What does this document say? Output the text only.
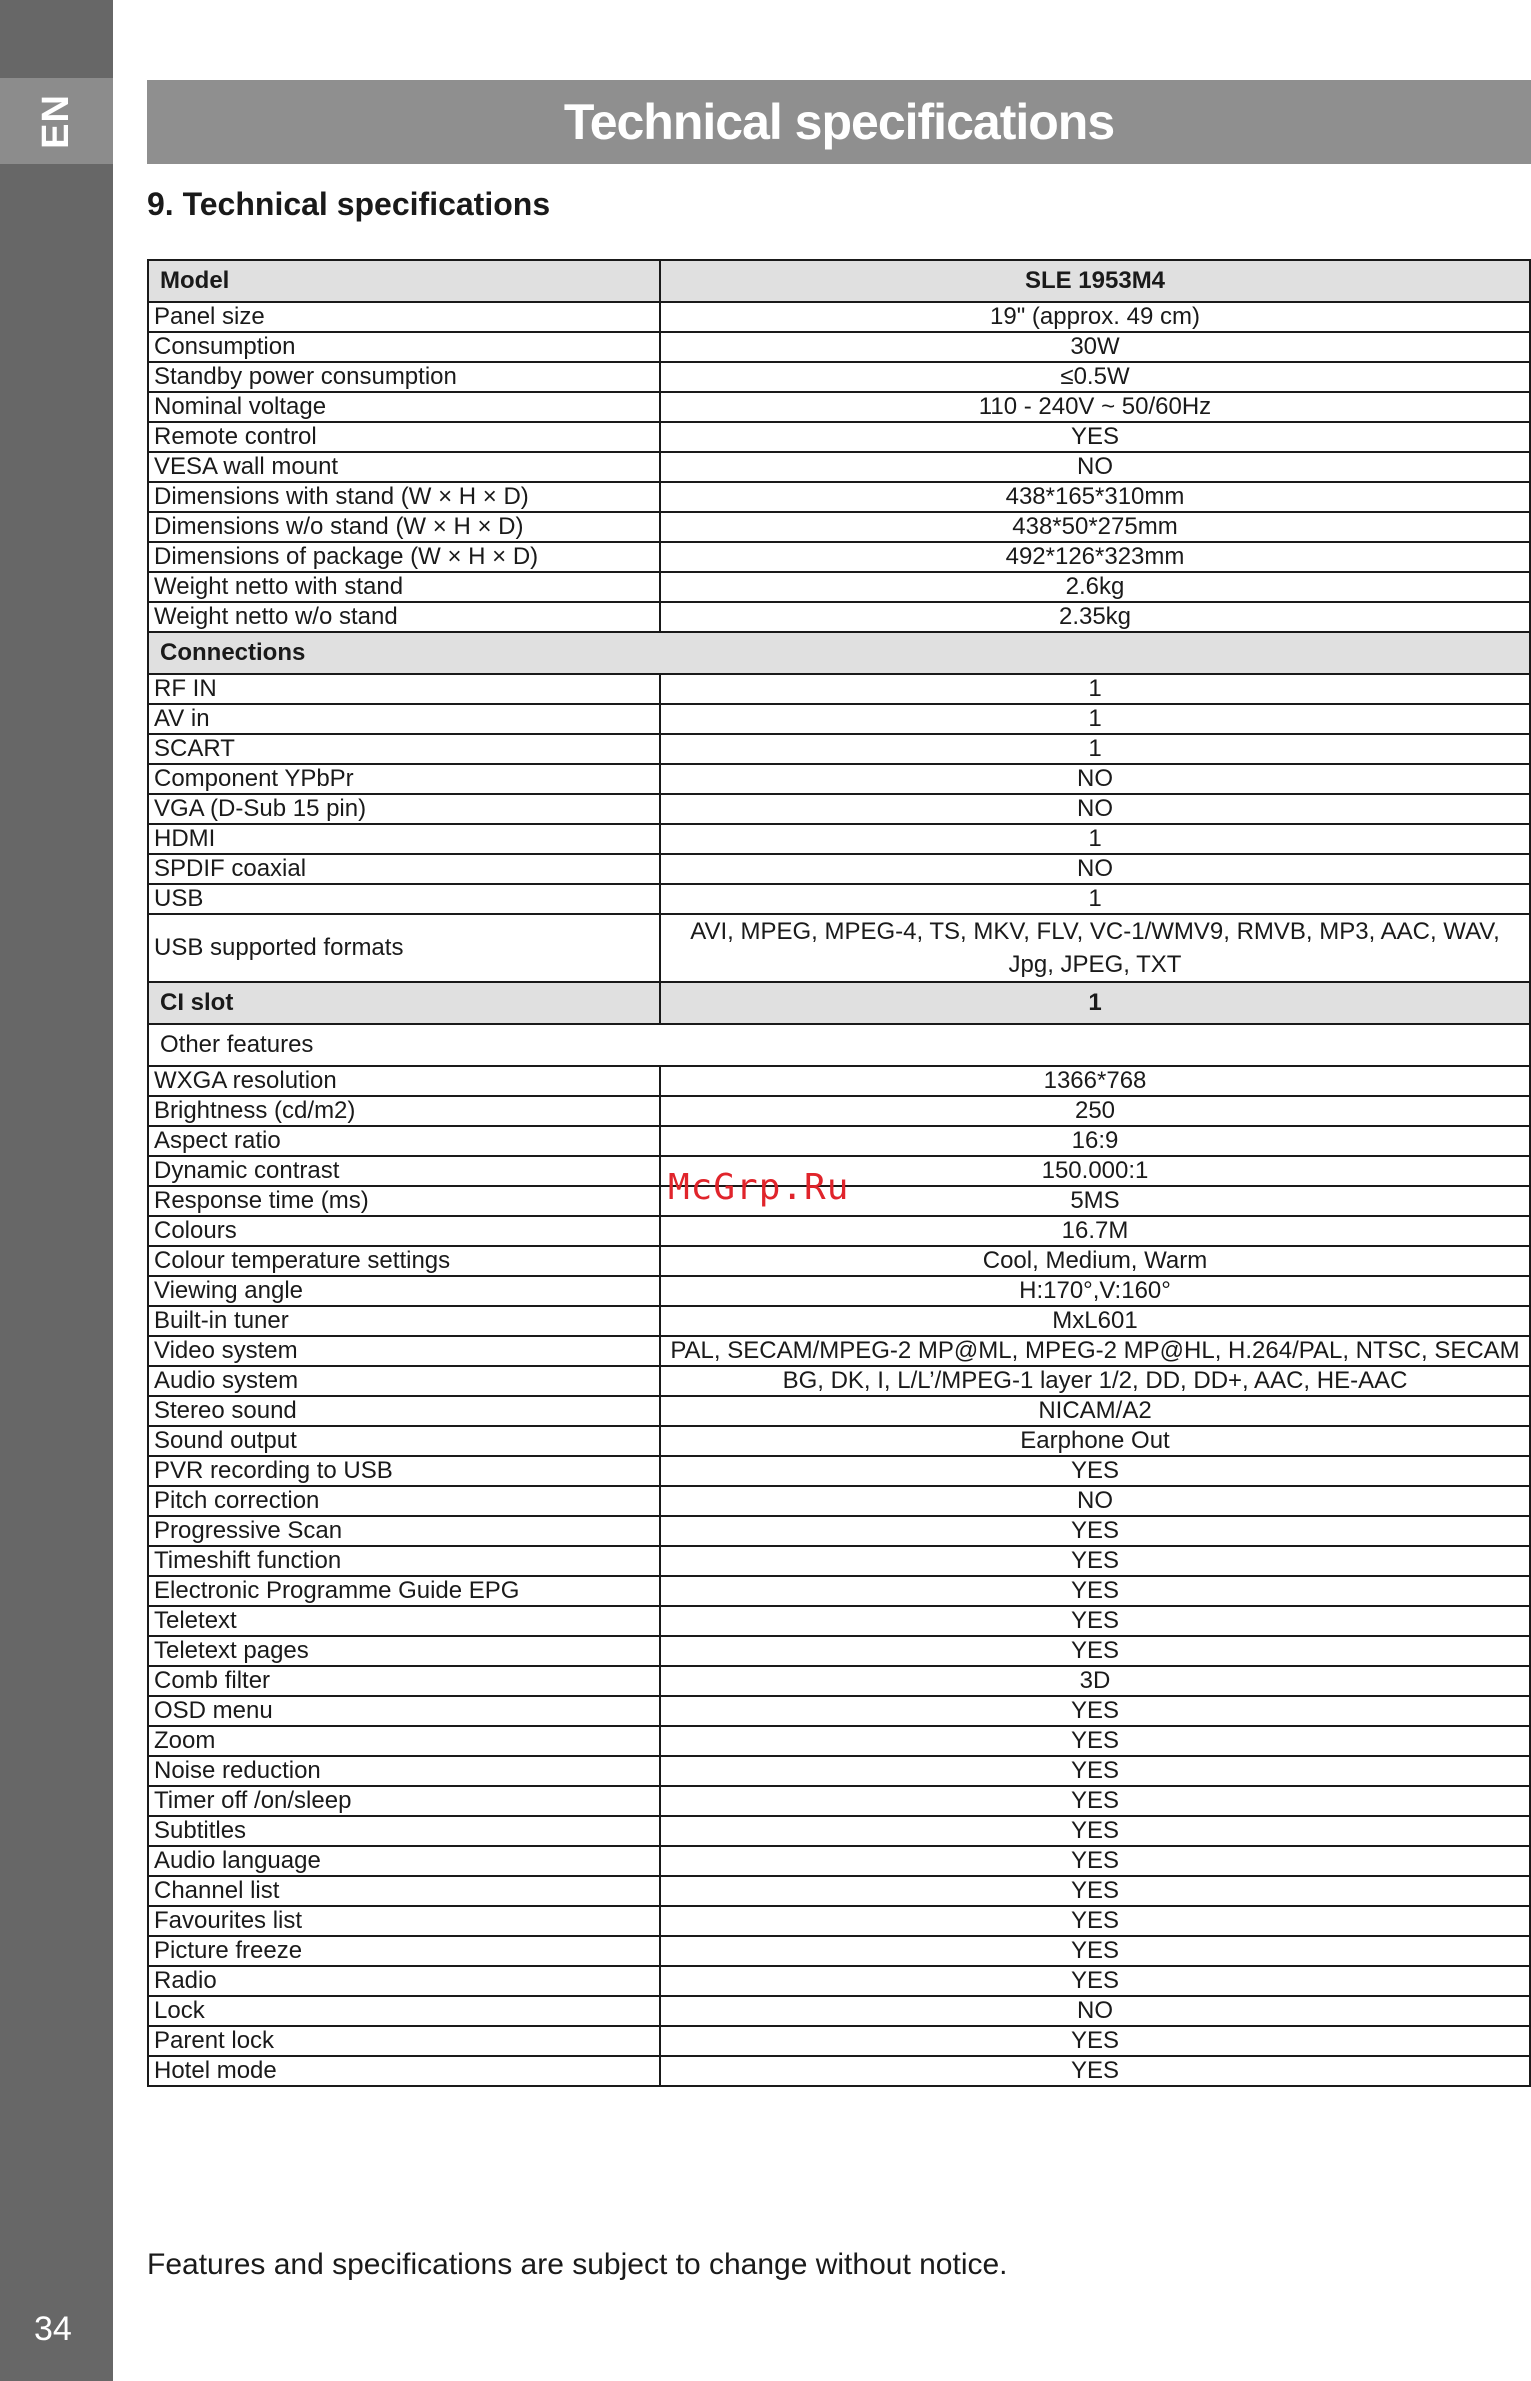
EN
34
Technical specifications
9. Technical specifications
Model	SLE 1953M4
Panel size	19" (approx. 49 cm)
Consumption	30W
Standby power consumption	≤0.5W
Nominal voltage	110 - 240V ~ 50/60Hz
Remote control	YES
VESA wall mount	NO
Dimensions with stand (W × H × D)	438*165*310mm
Dimensions w/o stand (W × H × D)	438*50*275mm
Dimensions of package (W × H × D)	492*126*323mm
Weight netto with stand	2.6kg
Weight netto w/o stand	2.35kg
Connections	
RF IN	1
AV in	1
SCART	1
Component YPbPr	NO
VGA (D-Sub 15 pin)	NO
HDMI	1
SPDIF coaxial	NO
USB	1
USB supported formats	AVI, MPEG, MPEG-4, TS, MKV, FLV, VC-1/WMV9, RMVB, MP3, AAC, WAV, Jpg, JPEG, TXT
CI slot	1
Other features	
WXGA resolution	1366*768
Brightness (cd/m2)	250
Aspect ratio	16:9
Dynamic contrast	150.000:1
Response time (ms)	5MS
Colours	16.7M
Colour temperature settings	Cool, Medium, Warm
Viewing angle	H:170°,V:160°
Built-in tuner	MxL601
Video system	PAL, SECAM/MPEG-2 MP@ML, MPEG-2 MP@HL, H.264/PAL, NTSC, SECAM
Audio system	BG, DK, I, L/L’/MPEG-1 layer 1/2, DD, DD+, AAC, HE-AAC
Stereo sound	NICAM/A2
Sound output	Earphone Out
PVR recording to USB	YES
Pitch correction	NO
Progressive Scan	YES
Timeshift function	YES
Electronic Programme Guide EPG	YES
Teletext	YES
Teletext pages	YES
Comb filter	3D
OSD menu	YES
Zoom	YES
Noise reduction	YES
Timer off /on/sleep	YES
Subtitles	YES
Audio language	YES
Channel list	YES
Favourites list	YES
Picture freeze	YES
Radio	YES
Lock	NO
Parent lock	YES
Hotel mode	YES
McGrp.Ru
Features and specifications are subject to change without notice.
